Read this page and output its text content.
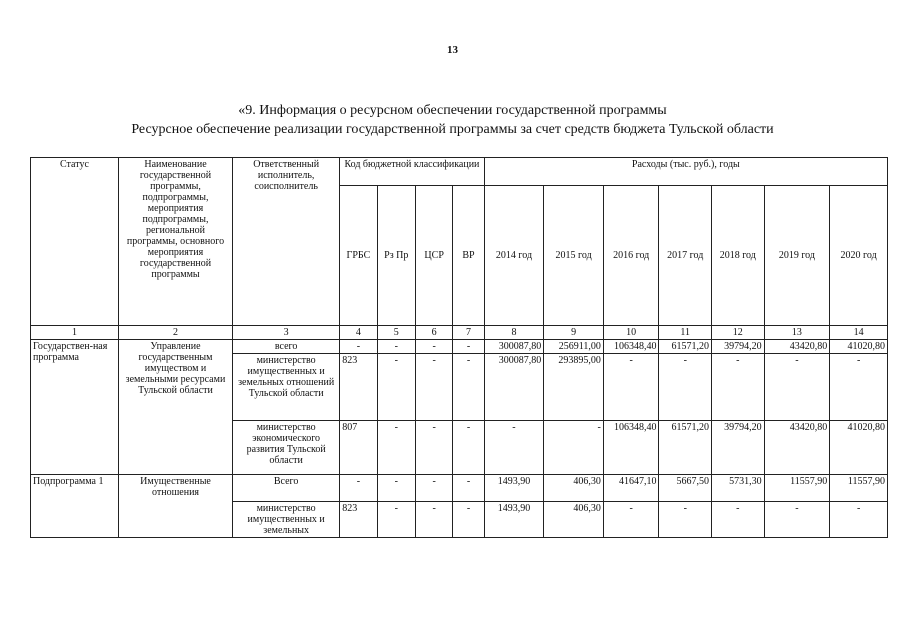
13
«9. Информация о ресурсном обеспечении государственной программы
Ресурсное обеспечение реализации государственной программы за счет средств бюджета Тульской области
Статус	Наименование государственной программы, подпрограммы, мероприятия подпрограммы, региональной программы, основного мероприятия государственной программы	Ответственный исполнитель, соисполнитель	Код бюджетной классификации				Расходы (тыс. руб.), годы						
			ГРБС	Рз Пр	ЦСР	ВР	2014 год	2015 год	2016 год	2017 год	2018 год	2019 год	2020 год
1	2	3	4	5	6	7	8	9	10	11	12	13	14
Государствен-ная программа	Управление государственным имуществом и земельными ресурсами Тульской области	всего	-	-	-	-	300087,80	256911,00	106348,40	61571,20	39794,20	43420,80	41020,80
		министерство имущественных и земельных отношений Тульской области	823	-	-	-	300087,80	293895,00	-	-	-	-	-
		министерство экономического развития Тульской области	807	-	-	-	-	-	106348,40	61571,20	39794,20	43420,80	41020,80
Подпрограмма 1	Имущественные отношения	Всего	-	-	-	-	1493,90	406,30	41647,10	5667,50	5731,30	11557,90	11557,90
		министерство имущественных и земельных	823	-	-	-	1493,90	406,30	-	-	-	-	-
